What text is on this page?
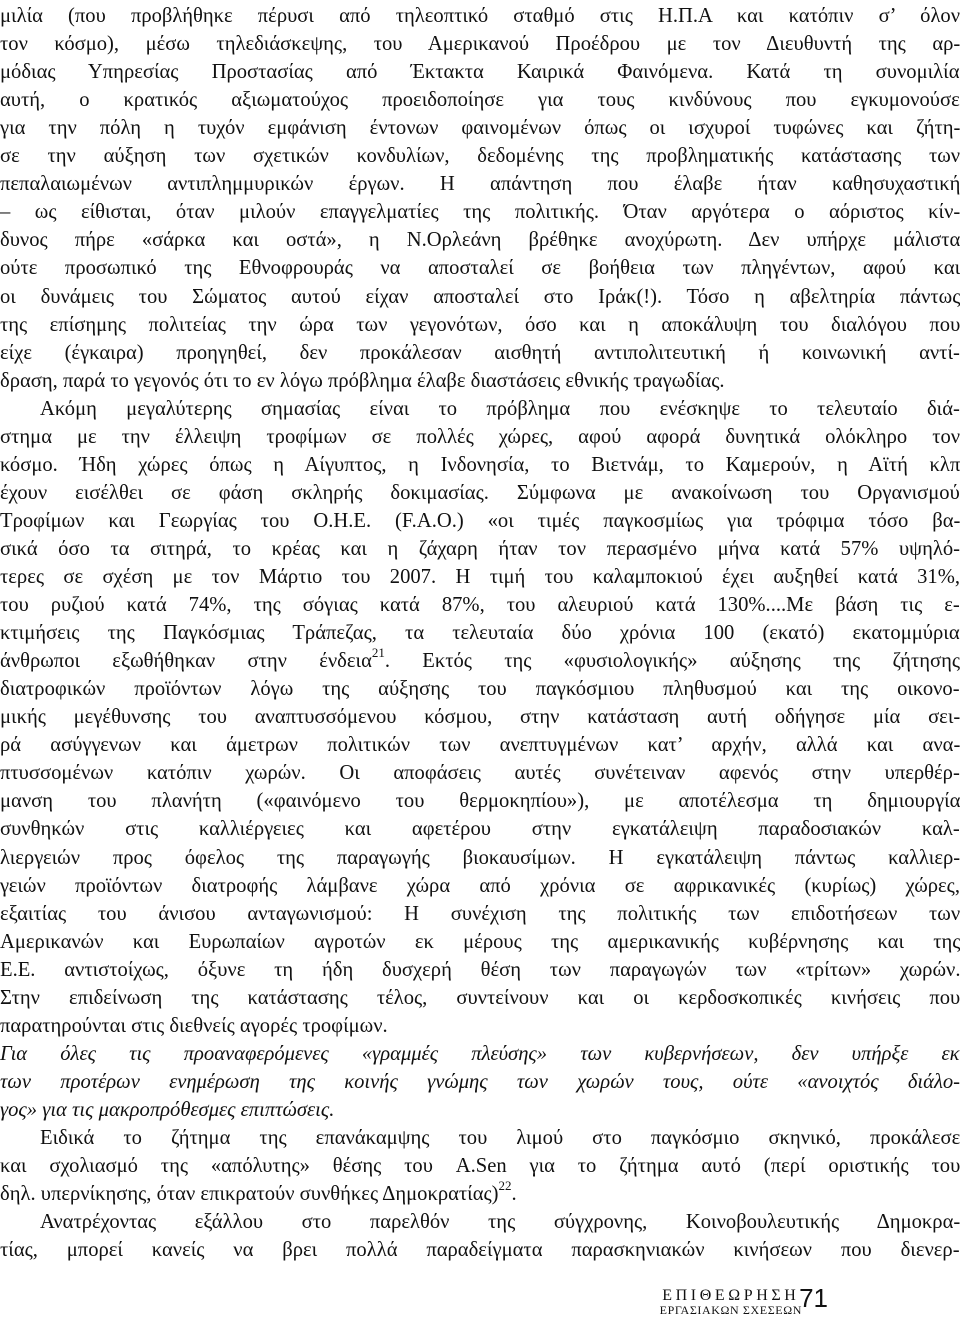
μιλία (που προβλήθηκε πέρυσι από τηλεοπτικό σταθμό στις Η.Π.Α και κατόπιν σ’ όλον
τον κόσμο), μέσω τηλεδιάσκεψης, του Αμερικανού Προέδρου με τον Διευθυντή της αρ-
μόδιας Υπηρεσίας Προστασίας από Έκτακτα Καιρικά Φαινόμενα. Κατά τη συνομιλία
αυτή, ο κρατικός αξιωματούχος προειδοποίησε για τους κινδύνους που εγκυμονούσε
για την πόλη η τυχόν εμφάνιση έντονων φαινομένων όπως οι ισχυροί τυφώνες και ζήτη-
σε την αύξηση των σχετικών κονδυλίων, δεδομένης της προβληματικής κατάστασης των
πεπαλαιωμένων αντιπλημμυρικών έργων. Η απάντηση που έλαβε ήταν καθησυχαστική
– ως είθισται, όταν μιλούν επαγγελματίες της πολιτικής. Όταν αργότερα ο αόριστος κίν-
δυνος πήρε «σάρκα και οστά», η Ν.Ορλεάνη βρέθηκε ανοχύρωτη. Δεν υπήρχε μάλιστα
ούτε προσωπικό της Εθνοφρουράς να αποσταλεί σε βοήθεια των πληγέντων, αφού και
οι δυνάμεις του Σώματος αυτού είχαν αποσταλεί στο Ιράκ(!). Τόσο η αβελτηρία πάντως
της επίσημης πολιτείας την ώρα των γεγονότων, όσο και η αποκάλυψη του διαλόγου που
είχε (έγκαιρα) προηγηθεί, δεν προκάλεσαν αισθητή αντιπολιτευτική ή κοινωνική αντί-
δραση, παρά το γεγονός ότι το εν λόγω πρόβλημα έλαβε διαστάσεις εθνικής τραγωδίας.
Ακόμη μεγαλύτερης σημασίας είναι το πρόβλημα που ενέσκηψε το τελευταίο διά-
στημα με την έλλειψη τροφίμων σε πολλές χώρες, αφού αφορά δυνητικά ολόκληρο τον
κόσμο. Ήδη χώρες όπως η Αίγυπτος, η Ινδονησία, το Βιετνάμ, το Καμερούν, η Αϊτή κλπ
έχουν εισέλθει σε φάση σκληρής δοκιμασίας. Σύμφωνα με ανακοίνωση του Οργανισμού
Τροφίμων και Γεωργίας του Ο.Η.Ε. (F.A.O.) «οι τιμές παγκοσμίως για τρόφιμα τόσο βα-
σικά όσο τα σιτηρά, το κρέας και η ζάχαρη ήταν τον περασμένο μήνα κατά 57% υψηλό-
τερες σε σχέση με τον Μάρτιο του 2007. Η τιμή του καλαμποκιού έχει αυξηθεί κατά 31%,
του ρυζιού κατά 74%, της σόγιας κατά 87%, του αλευριού κατά 130%....Με βάση τις ε-
κτιμήσεις της Παγκόσμιας Τράπεζας, τα τελευταία δύο χρόνια 100 (εκατό) εκατομμύρια
άνθρωποι εξωθήθηκαν στην ένδεια$^{21}$. Εκτός της «φυσιολογικής» αύξησης της ζήτησης
διατροφικών προϊόντων λόγω της αύξησης του παγκόσμιου πληθυσμού και της οικονο-
μικής μεγέθυνσης του αναπτυσσόμενου κόσμου, στην κατάσταση αυτή οδήγησε μία σει-
ρά ασύγγενων και άμετρων πολιτικών των ανεπτυγμένων κατ’ αρχήν, αλλά και ανα-
πτυσσομένων κατόπιν χωρών. Οι αποφάσεις αυτές συνέτειναν αφενός στην υπερθέρ-
μανση του πλανήτη («φαινόμενο του θερμοκηπίου»), με αποτέλεσμα τη δημιουργία
συνθηκών στις καλλιέργειες και αφετέρου στην εγκατάλειψη παραδοσιακών καλ-
λιεργειών προς όφελος της παραγωγής βιοκαυσίμων. Η εγκατάλειψη πάντως καλλιερ-
γειών προϊόντων διατροφής λάμβανε χώρα από χρόνια σε αφρικανικές (κυρίως) χώρες,
εξαιτίας του άνισου ανταγωνισμού: Η συνέχιση της πολιτικής των επιδοτήσεων των
Αμερικανών και Ευρωπαίων αγροτών εκ μέρους της αμερικανικής κυβέρνησης και της
Ε.Ε. αντιστοίχως, όξυνε τη ήδη δυσχερή θέση των παραγωγών των «τρίτων» χωρών.
Στην επιδείνωση της κατάστασης τέλος, συντείνουν και οι κερδοσκοπικές κινήσεις που
παρατηρούνται στις διεθνείς αγορές τροφίμων.
Για όλες τις προαναφερόμενες «γραμμές πλεύσης» των κυβερνήσεων, δεν υπήρξε εκ
των προτέρων ενημέρωση της κοινής γνώμης των χωρών τους, ούτε «ανοιχτός διάλο-
γος» για τις μακροπρόθεσμες επιπτώσεις.
Ειδικά το ζήτημα της επανάκαμψης του λιμού στο παγκόσμιο σκηνικό, προκάλεσε
και σχολιασμό της «απόλυτης» θέσης του A.Sen για το ζήτημα αυτό (περί οριστικής του
δηλ. υπερνίκησης, όταν επικρατούν συνθήκες Δημοκρατίας)$^{22}$.
Ανατρέχοντας εξάλλου στο παρελθόν της σύγχρονης, Κοινοβουλευτικής Δημοκρα-
τίας, μπορεί κανείς να βρει πολλά παραδείγματα παρασκηνιακών κινήσεων που διενερ-
ΕΠΙΘΕΩΡΗΣΗ
ΕΡΓΑΣΙΑΚΩΝ ΣΧΕΣΕΩΝ
71
